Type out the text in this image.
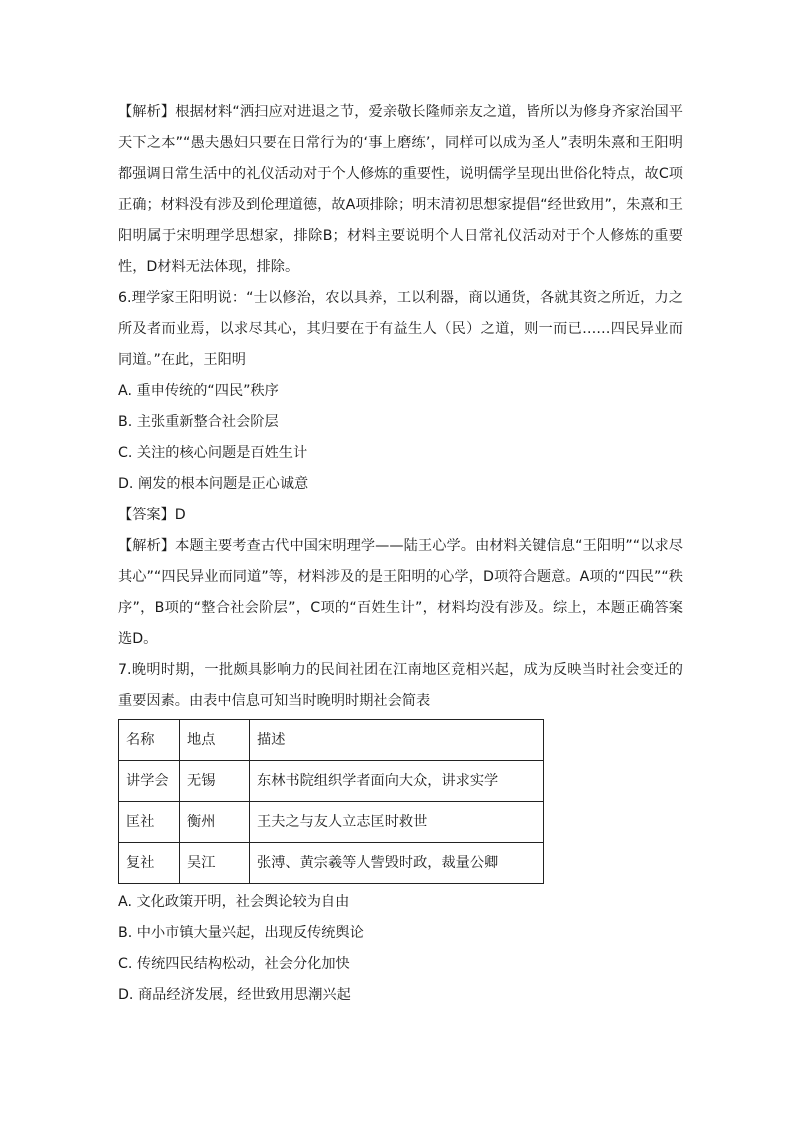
【解析】根据材料“洒扫应对进退之节，爱亲敬长隆师亲友之道，皆所以为修身齐家治国平天下之本”“愚夫愚妇只要在日常行为的‘事上磨练’，同样可以成为圣人”表明朱熹和王阳明都强调日常生活中的礼仪活动对于个人修炼的重要性，说明儒学呈现出世俗化特点，故C项正确；材料没有涉及到伦理道德，故A项排除；明末清初思想家提倡“经世致用”，朱熹和王阳明属于宋明理学思想家，排除B；材料主要说明个人日常礼仪活动对于个人修炼的重要性，D材料无法体现，排除。

6.理学家王阳明说：“士以修治，农以具养，工以利器，商以通货，各就其资之所近，力之所及者而业焉，以求尽其心，其归要在于有益生人（民）之道，则一而已……四民异业而同道。”在此，王阳明

A. 重申传统的“四民”秩序

B. 主张重新整合社会阶层

C. 关注的核心问题是百姓生计

D. 阐发的根本问题是正心诚意

【答案】D

【解析】本题主要考查古代中国宋明理学——陆王心学。由材料关键信息“王阳明”“以求尽其心”“四民异业而同道”等，材料涉及的是王阳明的心学，D项符合题意。A项的“四民”“秩序”，B项的“整合社会阶层”，C项的“百姓生计”，材料均没有涉及。综上，本题正确答案选D。

7.晚明时期，一批颇具影响力的民间社团在江南地区竞相兴起，成为反映当时社会变迁的重要因素。由表中信息可知当时晚明时期社会简表

名称	地点	描述
讲学会	无锡	东林书院组织学者面向大众，讲求实学
匡社	衡州	王夫之与友人立志匡时救世
复社	吴江	张溥、黄宗羲等人訾毁时政，裁量公卿

A. 文化政策开明，社会舆论较为自由

B. 中小市镇大量兴起，出现反传统舆论

C. 传统四民结构松动，社会分化加快

D. 商品经济发展，经世致用思潮兴起
